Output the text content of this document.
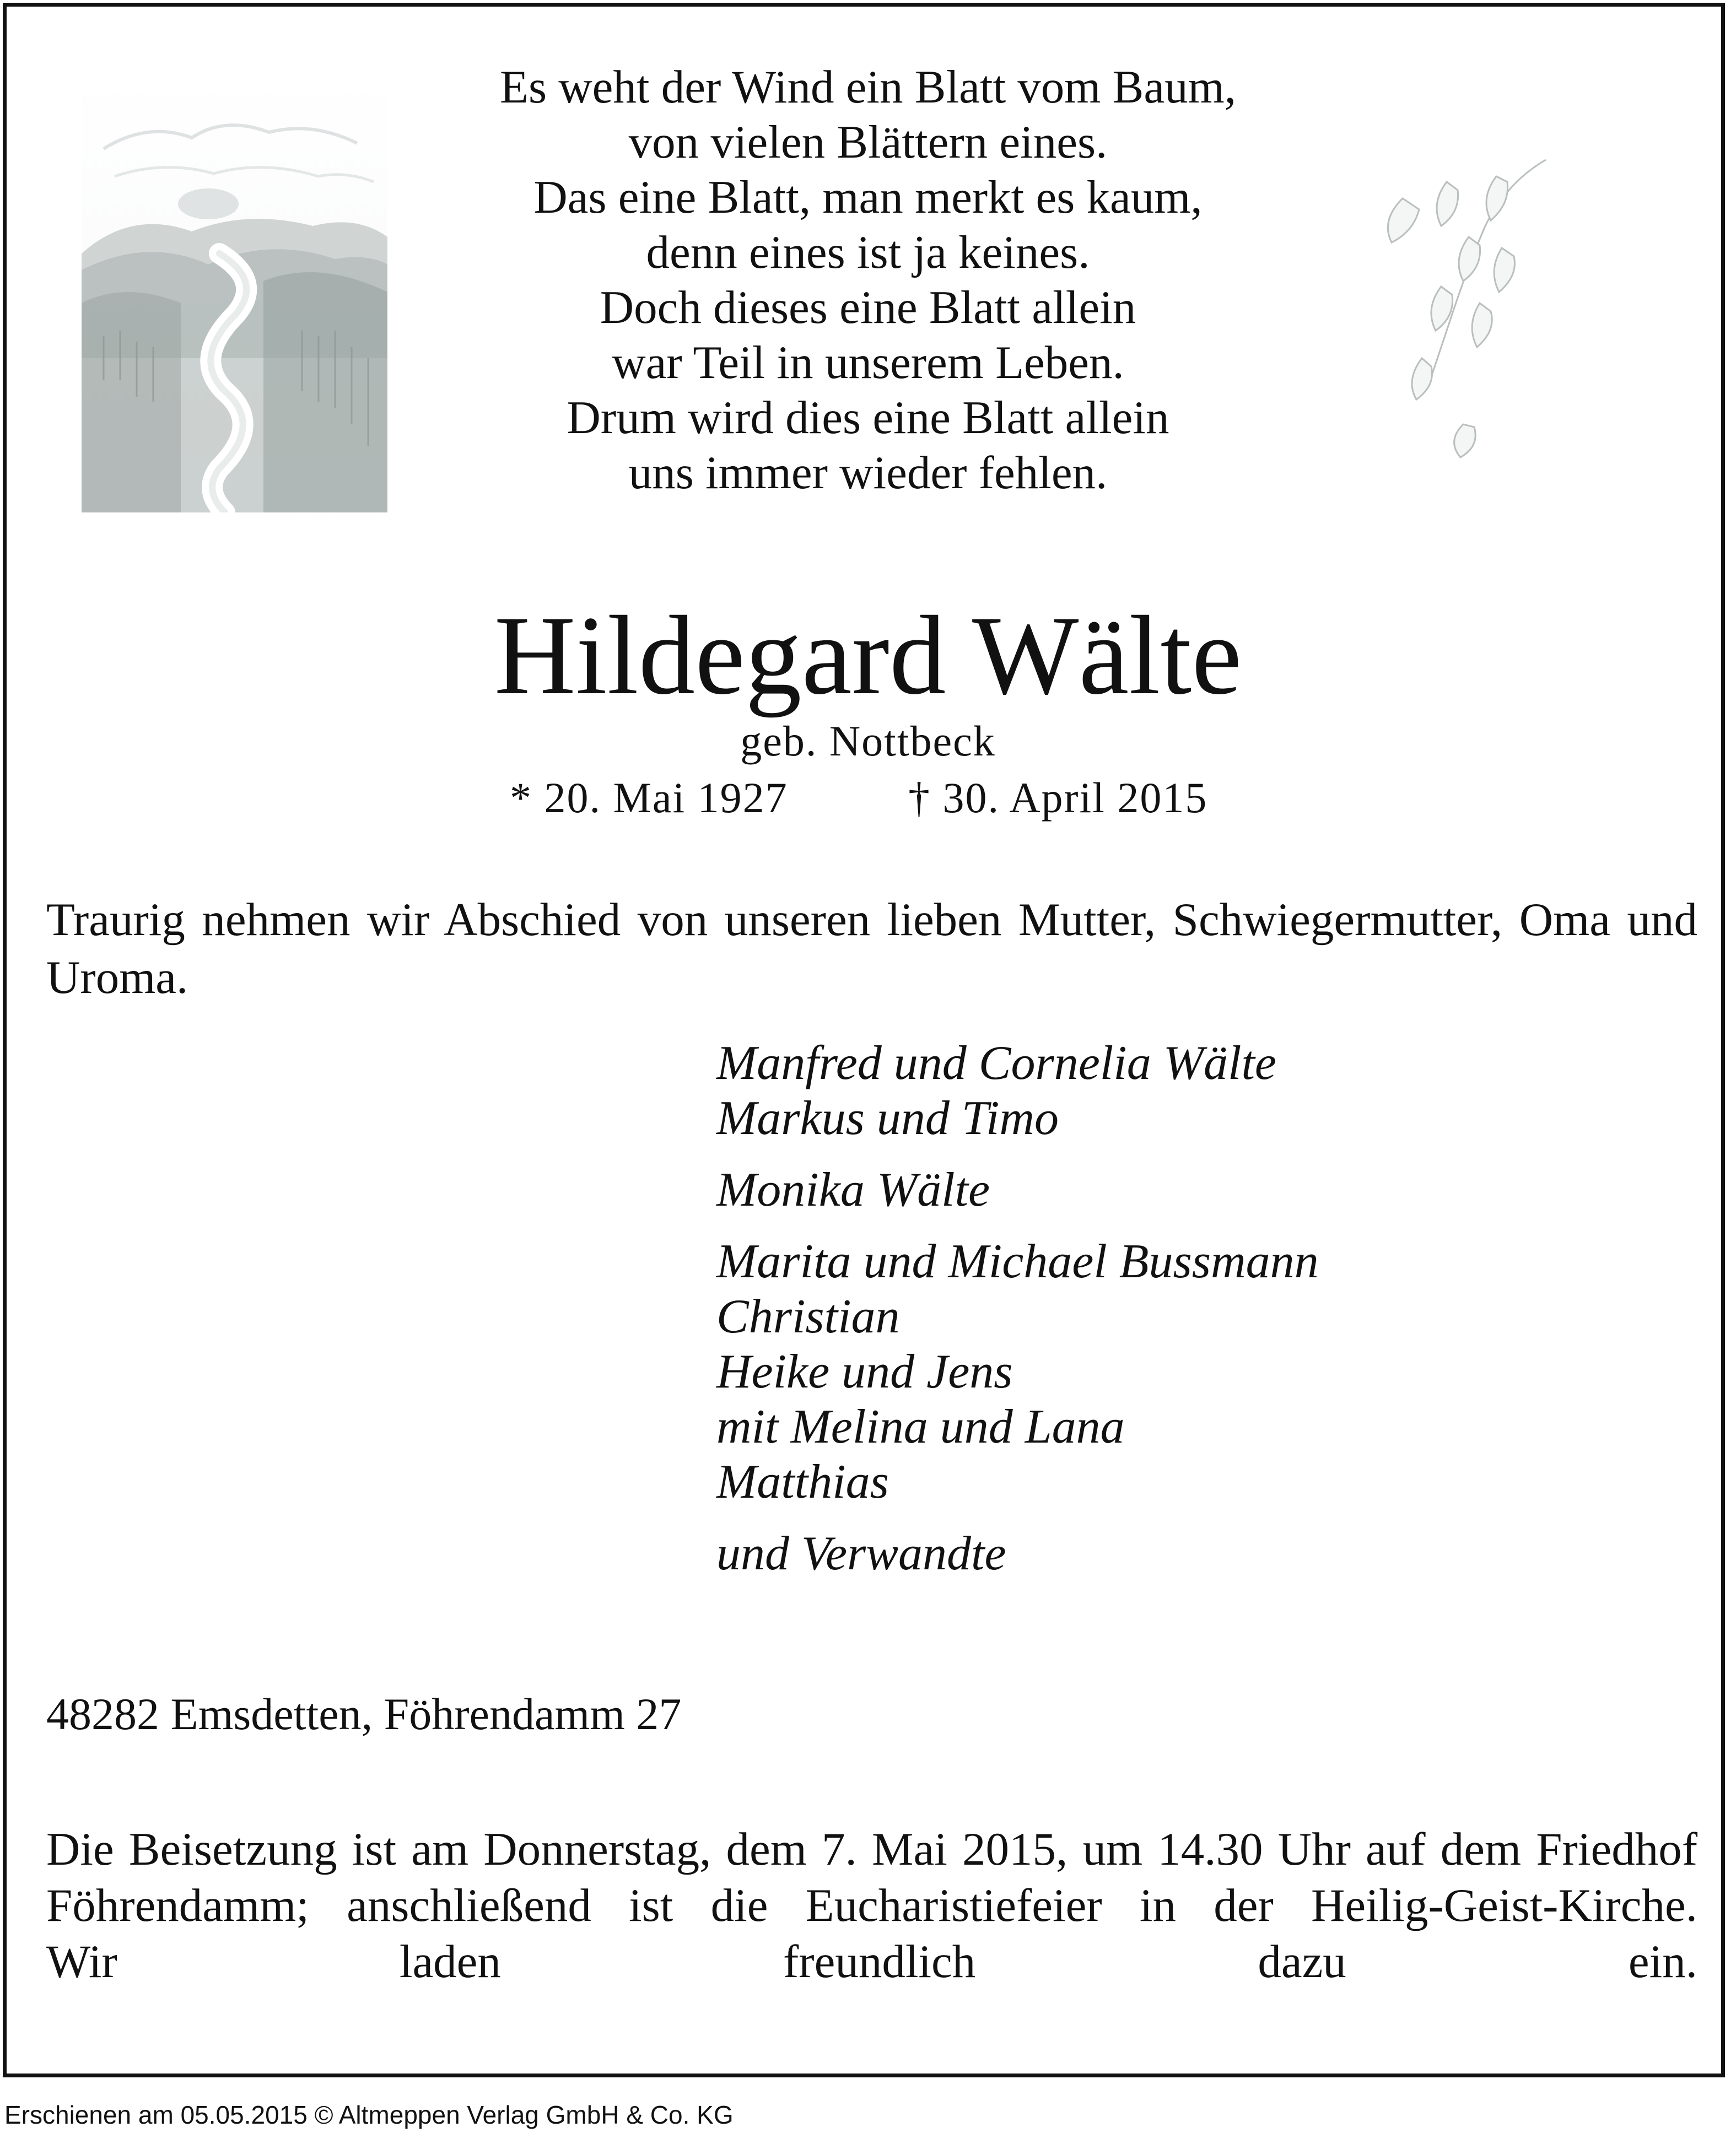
Es weht der Wind ein Blatt vom Baum,
von vielen Blättern eines.
Das eine Blatt, man merkt es kaum,
denn eines ist ja keines.
Doch dieses eine Blatt allein
war Teil in unserem Leben.
Drum wird dies eine Blatt allein
uns immer wieder fehlen.
Hildegard Wälte
geb. Nottbeck
* 20. Mai 1927	† 30. April 2015
Traurig nehmen wir Abschied von unseren lieben Mutter, Schwiegermutter, Oma und Uroma.
Manfred und Cornelia Wälte
Markus und Timo
Monika Wälte
Marita und Michael Bussmann
Christian
Heike und Jens
mit Melina und Lana
Matthias
und Verwandte
48282 Emsdetten, Föhrendamm 27
Die Beisetzung ist am Donnerstag, dem 7. Mai 2015, um 14.30 Uhr auf dem Friedhof
Föhrendamm; anschließend ist die Eucharistiefeier in der Heilig-Geist-Kirche.
Wir laden freundlich dazu ein.
Erschienen am 05.05.2015 © Altmeppen Verlag GmbH & Co. KG
